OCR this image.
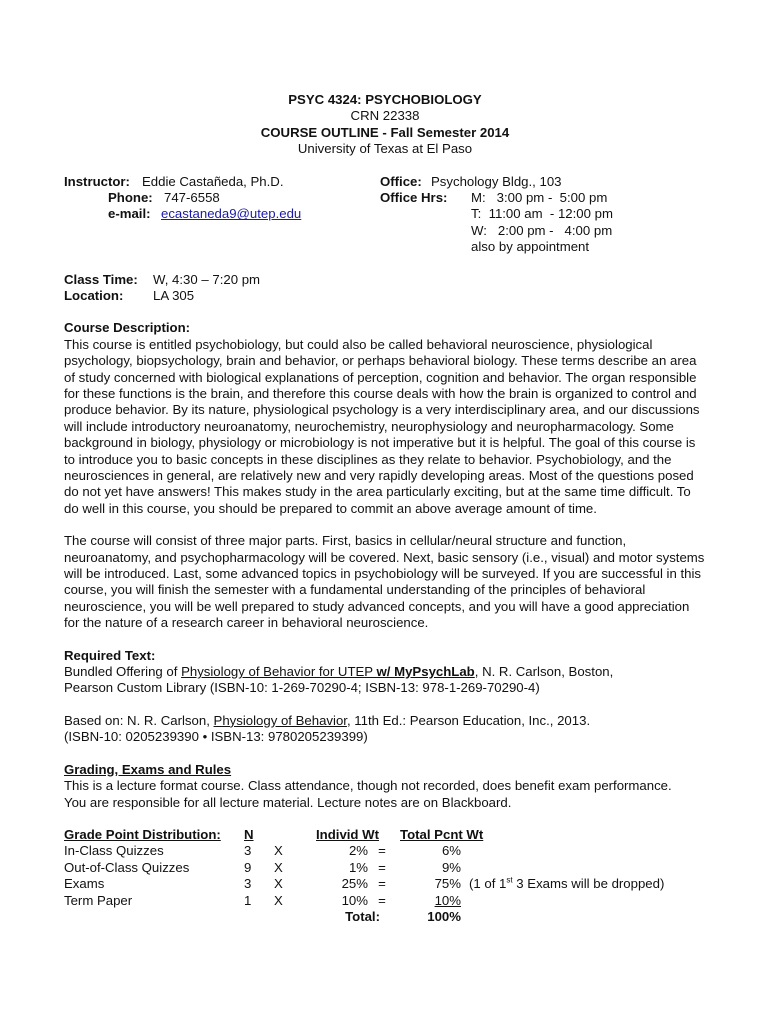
PSYC 4324: PSYCHOBIOLOGY
CRN 22338
COURSE OUTLINE - Fall Semester 2014
University of Texas at El Paso
Instructor: Eddie Castañeda, Ph.D.	Office: Psychology Bldg., 103
Phone: 747-6558	Office Hrs: M:   3:00 pm -  5:00 pm
e-mail: ecastaneda9@utep.edu	T:  11:00 am  - 12:00 pm
W:   2:00 pm -   4:00 pm
also by appointment
Class Time: W, 4:30 – 7:20 pm
Location: LA 305
Course Description:

This course is entitled psychobiology, but could also be called behavioral neuroscience, physiological psychology, biopsychology, brain and behavior, or perhaps behavioral biology. These terms describe an area of study concerned with biological explanations of perception, cognition and behavior. The organ responsible for these functions is the brain, and therefore this course deals with how the brain is organized to control and produce behavior. By its nature, physiological psychology is a very interdisciplinary area, and our discussions will include introductory neuroanatomy, neurochemistry, neurophysiology and neuropharmacology. Some background in biology, physiology or microbiology is not imperative but it is helpful. The goal of this course is to introduce you to basic concepts in these disciplines as they relate to behavior. Psychobiology, and the neurosciences in general, are relatively new and very rapidly developing areas. Most of the questions posed do not yet have answers! This makes study in the area particularly exciting, but at the same time difficult. To do well in this course, you should be prepared to commit an above average amount of time.

The course will consist of three major parts. First, basics in cellular/neural structure and function, neuroanatomy, and psychopharmacology will be covered. Next, basic sensory (i.e., visual) and motor systems will be introduced. Last, some advanced topics in psychobiology will be surveyed. If you are successful in this course, you will finish the semester with a fundamental understanding of the principles of behavioral neuroscience, you will be well prepared to study advanced concepts, and you will have a good appreciation for the nature of a research career in behavioral neuroscience.

Required Text:
Bundled Offering of Physiology of Behavior for UTEP w/ MyPsychLab, N. R. Carlson, Boston,
Pearson Custom Library (ISBN-10: 1-269-70290-4; ISBN-13: 978-1-269-70290-4)
Based on: N. R. Carlson, Physiology of Behavior, 11th Ed.: Pearson Education, Inc., 2013.
(ISBN-10: 0205239390 • ISBN-13: 9780205239399)
Grading, Exams and Rules
This is a lecture format course. Class attendance, though not recorded, does benefit exam performance.
You are responsible for all lecture material. Lecture notes are on Blackboard.
Grade Point Distribution:	N		Individ Wt		Total Pcnt Wt	
In-Class Quizzes	3	X	2%	=	6%	
Out-of-Class Quizzes	9	X	1%	=	9%	
Exams	3	X	25%	=	75%	(1 of 1st 3 Exams will be dropped)
Term Paper	1	X	10%	=	10%	
			Total:		100%	
